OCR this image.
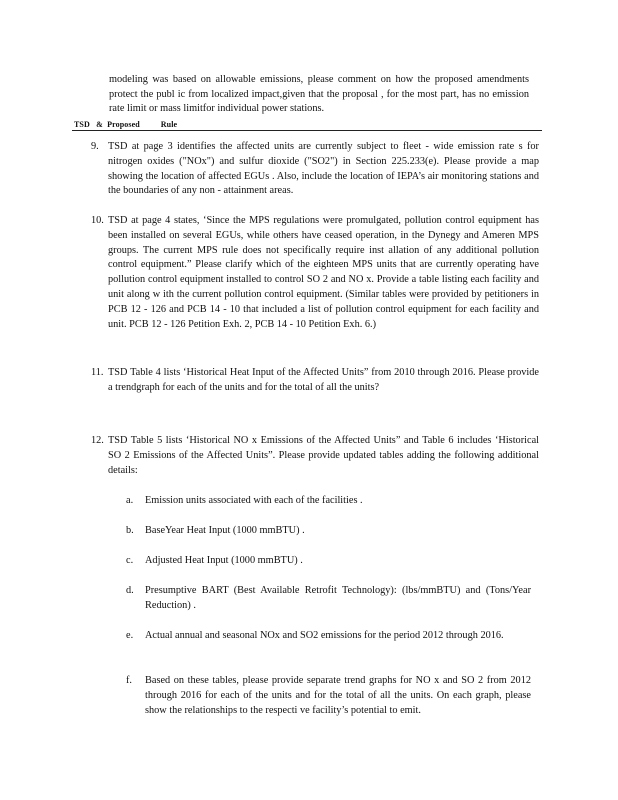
modeling was based on allowable emissions, please comment on how the proposed amendments protect the publ ic from localized impact,given that the proposal , for the most part, has no emission rate limit or mass limitfor individual power stations.
TSD   &  Proposed          Rule
9. TSD at page 3 identifies the affected units are currently subject to fleet - wide emission rate s for nitrogen oxides ("NOx") and sulfur dioxide ("SO2") in Section 225.233(e). Please provide a map showing the location of affected EGUs . Also, include the location of IEPA’s air monitoring stations and the boundaries of any non - attainment areas.
10. TSD at page 4 states, ‘Since the MPS regulations were promulgated, pollution control equipment has been installed on several EGUs, while others have ceased operation, in the Dynegy and Ameren MPS groups. The current MPS rule does not specifically require inst allation of any additional pollution control equipment.” Please clarify which of the eighteen MPS units that are currently operating have pollution control equipment installed to control SO 2 and NO x. Provide a table listing each facility and unit along w ith the current pollution control equipment. (Similar tables were provided by petitioners in PCB 12 - 126 and PCB 14 - 10 that included a list of pollution control equipment for each facility and unit. PCB 12 - 126 Petition Exh. 2, PCB 14 - 10 Petition Exh. 6.)
11. TSD Table 4 lists ‘Historical Heat Input of the Affected Units” from 2010 through 2016. Please provide a trendgraph for each of the units and for the total of all the units?
12. TSD Table 5 lists ‘Historical NO x Emissions of the Affected Units” and Table 6 includes ‘Historical SO 2 Emissions of the Affected Units”. Please provide updated tables adding the following additional details:
a. Emission units associated with each of the facilities .
b. BaseYear Heat Input (1000 mmBTU) .
c. Adjusted Heat Input (1000 mmBTU) .
d. Presumptive BART (Best Available Retrofit Technology): (lbs/mmBTU) and (Tons/Year Reduction) .
e. Actual annual and seasonal NOx and SO2 emissions for the period 2012 through 2016.
f. Based on these tables, please provide separate trend graphs for NO x and SO 2 from 2012 through 2016 for each of the units and for the total of all the units. On each graph, please show the relationships to the respecti ve facility’s potential to emit.
